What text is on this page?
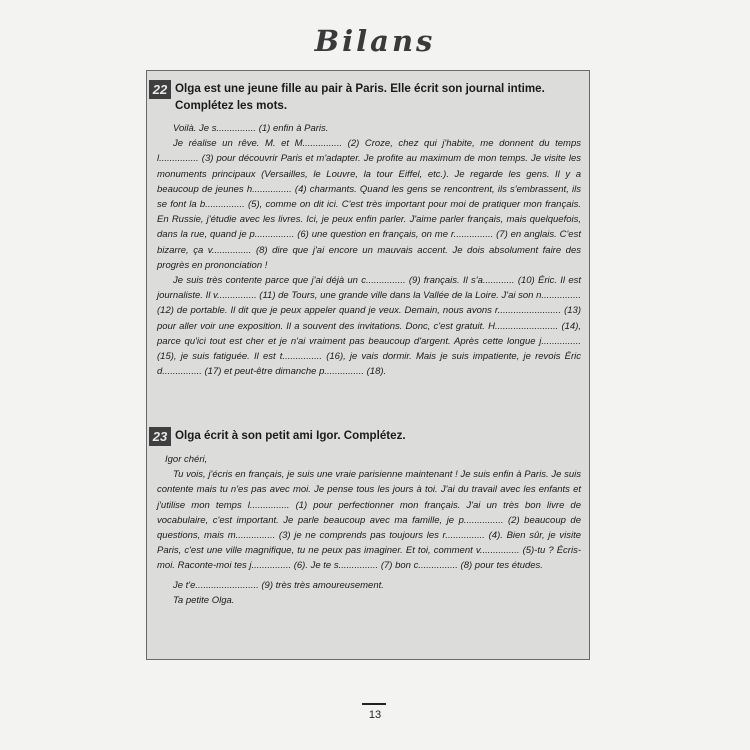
Bilans
22 Olga est une jeune fille au pair à Paris. Elle écrit son journal intime. Complétez les mots.

Voilà. Je s............... (1) enfin à Paris.

Je réalise un rêve. M. et M............... (2) Croze, chez qui j'habite, me donnent du temps l............... (3) pour découvrir Paris et m'adapter. Je profite au maximum de mon temps. Je visite les monuments principaux (Versailles, le Louvre, la tour Eiffel, etc.). Je regarde les gens. Il y a beaucoup de jeunes h............... (4) charmants. Quand les gens se rencontrent, ils s'embrassent, ils se font la b............... (5), comme on dit ici. C'est très important pour moi de pratiquer mon français. En Russie, j'étudie avec les livres. Ici, je peux enfin parler. J'aime parler français, mais quelquefois, dans la rue, quand je p............... (6) une question en français, on me r............... (7) en anglais. C'est bizarre, ça v............... (8) dire que j'ai encore un mauvais accent. Je dois absolument faire des progrès en prononciation !

Je suis très contente parce que j'ai déjà un c............... (9) français. Il s'a............ (10) Éric. Il est journaliste. Il v............... (11) de Tours, une grande ville dans la Vallée de la Loire. J'ai son n............... (12) de portable. Il dit que je peux appeler quand je veux. Demain, nous avons r........................ (13) pour aller voir une exposition. Il a souvent des invitations. Donc, c'est gratuit. H........................ (14), parce qu'ici tout est cher et je n'ai vraiment pas beaucoup d'argent. Après cette longue j............... (15), je suis fatiguée. Il est t............... (16), je vais dormir. Mais je suis impatiente, je revois Éric d............... (17) et peut-être dimanche p............... (18).

23 Olga écrit à son petit ami Igor. Complétez.

Igor chéri,

Tu vois, j'écris en français, je suis une vraie parisienne maintenant ! Je suis enfin à Paris. Je suis contente mais tu n'es pas avec moi. Je pense tous les jours à toi. J'ai du travail avec les enfants et j'utilise mon temps l............... (1) pour perfectionner mon français. J'ai un très bon livre de vocabulaire, c'est important. Je parle beaucoup avec ma famille, je p............... (2) beaucoup de questions, mais m............... (3) je ne comprends pas toujours les r............... (4). Bien sûr, je visite Paris, c'est une ville magnifique, tu ne peux pas imaginer. Et toi, comment v............... (5)-tu ? Écris-moi. Raconte-moi tes j............... (6). Je te s............... (7) bon c............... (8) pour tes études.

Je t'e........................ (9) très très amoureusement.

Ta petite Olga.

13
